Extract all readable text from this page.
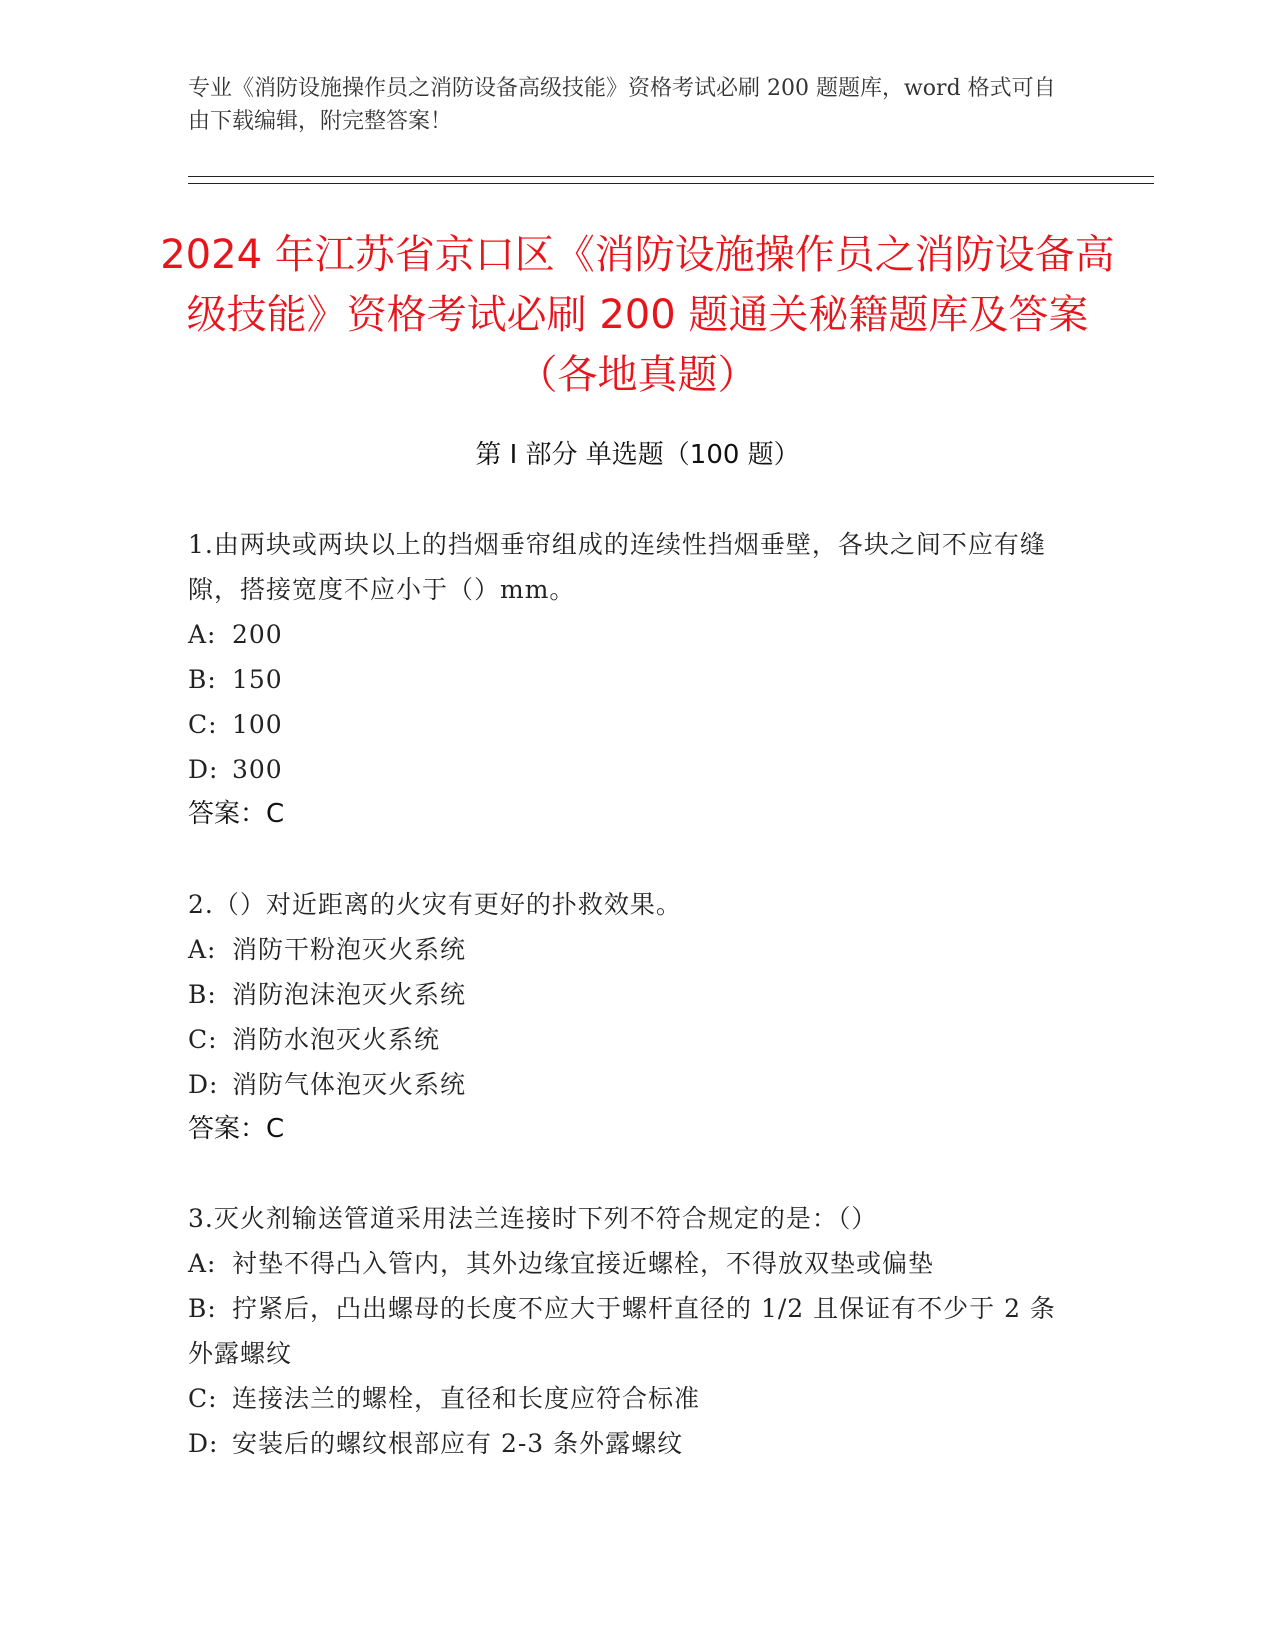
专业《消防设施操作员之消防设备高级技能》资格考试必刷 200 题题库，word 格式可自由下载编辑，附完整答案！

2024 年江苏省京口区《消防设施操作员之消防设备高级技能》资格考试必刷 200 题通关秘籍题库及答案（各地真题）
第 I 部分 单选题（100 题）

1.由两块或两块以上的挡烟垂帘组成的连续性挡烟垂壁，各块之间不应有缝隙，搭接宽度不应小于（）mm。

A: 200

B: 150

C: 100

D: 300

答案：C

2.（）对近距离的火灾有更好的扑救效果。

A: 消防干粉泡灭火系统

B: 消防泡沫泡灭火系统

C: 消防水泡灭火系统

D: 消防气体泡灭火系统

答案：C

3.灭火剂输送管道采用法兰连接时下列不符合规定的是：（）

A: 衬垫不得凸入管内，其外边缘宜接近螺栓，不得放双垫或偏垫

B: 拧紧后，凸出螺母的长度不应大于螺杆直径的 1/2 且保证有不少于 2 条外露螺纹

C: 连接法兰的螺栓，直径和长度应符合标准

D: 安装后的螺纹根部应有 2-3 条外露螺纹
